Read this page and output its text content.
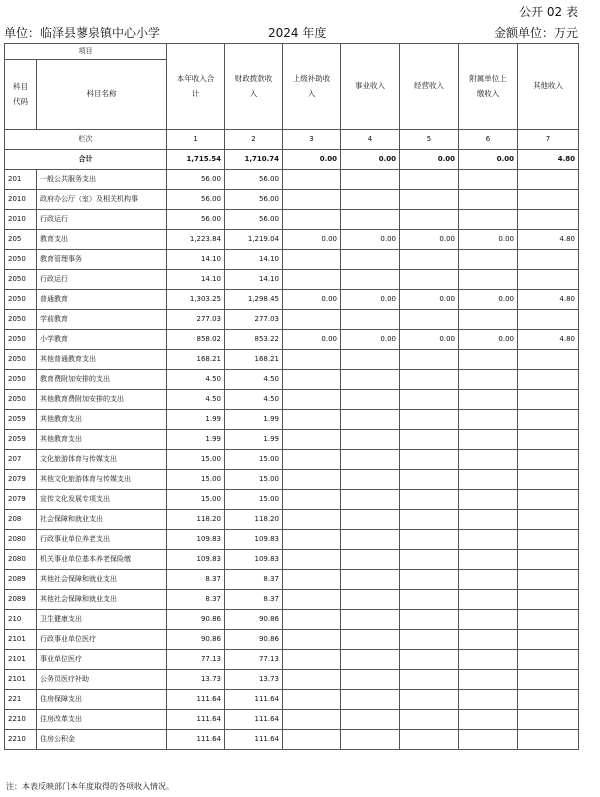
公开 02 表
单位：临泽县蓼泉镇中心小学	2024 年度	金额单位：万元
项目		本年收入合
计	财政拨款收
入	上级补助收
入	事业收入	经营收入	附属单位上
缴收入	其他收入
科目
代码	科目名称							
栏次		1	2	3	4	5	6	7
合计		1,715.54	1,710.74	0.00	0.00	0.00	0.00	4.80
201	一般公共服务支出	56.00	56.00					
2010	政府办公厅（室）及相关机构事	56.00	56.00					
2010	行政运行	56.00	56.00					
205	教育支出	1,223.84	1,219.04	0.00	0.00	0.00	0.00	4.80
2050	教育管理事务	14.10	14.10					
2050	行政运行	14.10	14.10					
2050	普通教育	1,303.25	1,298.45	0.00	0.00	0.00	0.00	4.80
2050	学前教育	277.03	277.03					
2050	小学教育	858.02	853.22	0.00	0.00	0.00	0.00	4.80
2050	其他普通教育支出	168.21	168.21					
2050	教育费附加安排的支出	4.50	4.50					
2050	其他教育费附加安排的支出	4.50	4.50					
2059	其他教育支出	1.99	1.99					
2059	其他教育支出	1.99	1.99					
207	文化旅游体育与传媒支出	15.00	15.00					
2079	其他文化旅游体育与传媒支出	15.00	15.00					
2079	宣传文化发展专项支出	15.00	15.00					
208	社会保障和就业支出	118.20	118.20					
2080	行政事业单位养老支出	109.83	109.83					
2080	机关事业单位基本养老保险缴	109.83	109.83					
2089	其他社会保障和就业支出	8.37	8.37					
2089	其他社会保障和就业支出	8.37	8.37					
210	卫生健康支出	90.86	90.86					
2101	行政事业单位医疗	90.86	90.86					
2101	事业单位医疗	77.13	77.13					
2101	公务员医疗补助	13.73	13.73					
221	住房保障支出	111.64	111.64					
2210	住房改革支出	111.64	111.64					
2210	住房公积金	111.64	111.64					
注：本表反映部门本年度取得的各项收入情况。
